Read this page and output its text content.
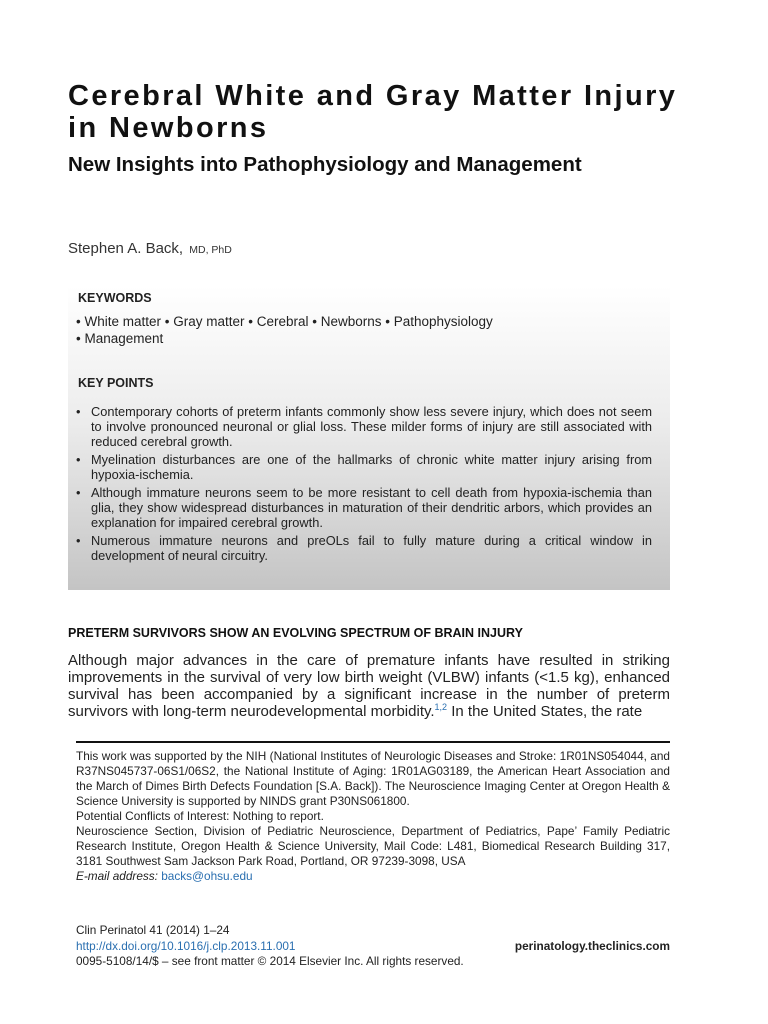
Cerebral White and Gray Matter Injury in Newborns
New Insights into Pathophysiology and Management
Stephen A. Back, MD, PhD
KEYWORDS
• White matter • Gray matter • Cerebral • Newborns • Pathophysiology
• Management
KEY POINTS
• Contemporary cohorts of preterm infants commonly show less severe injury, which does not seem to involve pronounced neuronal or glial loss. These milder forms of injury are still associated with reduced cerebral growth.
• Myelination disturbances are one of the hallmarks of chronic white matter injury arising from hypoxia-ischemia.
• Although immature neurons seem to be more resistant to cell death from hypoxia-ischemia than glia, they show widespread disturbances in maturation of their dendritic arbors, which provides an explanation for impaired cerebral growth.
• Numerous immature neurons and preOLs fail to fully mature during a critical window in development of neural circuitry.
PRETERM SURVIVORS SHOW AN EVOLVING SPECTRUM OF BRAIN INJURY

Although major advances in the care of premature infants have resulted in striking improvements in the survival of very low birth weight (VLBW) infants (<1.5 kg), enhanced survival has been accompanied by a significant increase in the number of preterm survivors with long-term neurodevelopmental morbidity.$^{1,2}$ In the United States, the rate

This work was supported by the NIH (National Institutes of Neurologic Diseases and Stroke: 1R01NS054044, and R37NS045737-06S1/06S2, the National Institute of Aging: 1R01AG03189, the American Heart Association and the March of Dimes Birth Defects Foundation [S.A. Back]). The Neuroscience Imaging Center at Oregon Health & Science University is supported by NINDS grant P30NS061800.

Potential Conflicts of Interest: Nothing to report.

Neuroscience Section, Division of Pediatric Neuroscience, Department of Pediatrics, Pape’ Family Pediatric Research Institute, Oregon Health & Science University, Mail Code: L481, Biomedical Research Building 317, 3181 Southwest Sam Jackson Park Road, Portland, OR 97239-3098, USA

E-mail address: backs@ohsu.edu

Clin Perinatol 41 (2014) 1–24
http://dx.doi.org/10.1016/j.clp.2013.11.001	perinatology.theclinics.com
0095-5108/14/$ – see front matter © 2014 Elsevier Inc. All rights reserved.
